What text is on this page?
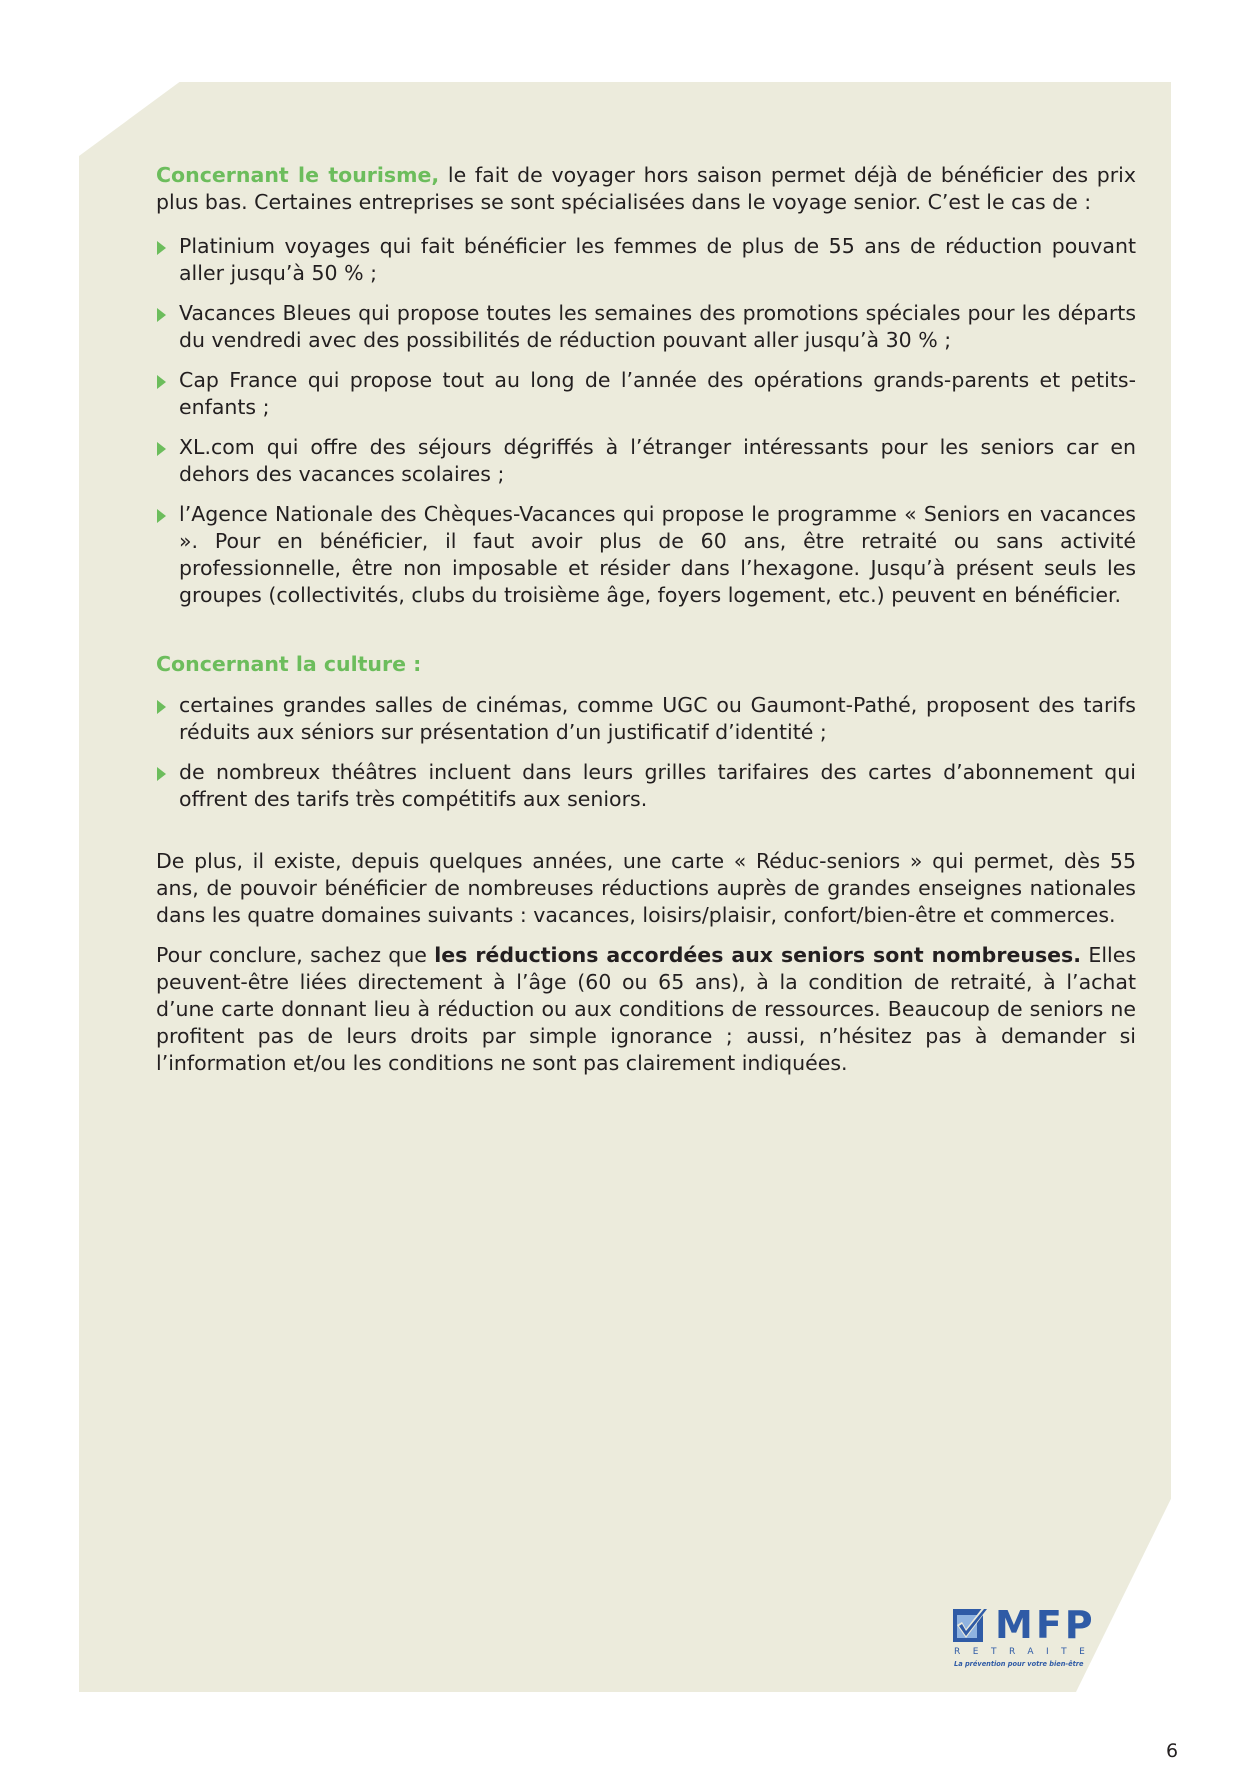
Concernant le tourisme, le fait de voyager hors saison permet déjà de bénéficier des prix plus bas. Certaines entreprises se sont spécialisées dans le voyage senior. C’est le cas de :

Platinium voyages qui fait bénéficier les femmes de plus de 55 ans de réduction pouvant aller jusqu’à 50 % ;
Vacances Bleues qui propose toutes les semaines des promotions spéciales pour les départs du vendredi avec des possibilités de réduction pouvant aller jusqu’à 30 % ;
Cap France qui propose tout au long de l’année des opérations grands-parents et petits-enfants ;
XL.com qui offre des séjours dégriffés à l’étranger intéressants pour les seniors car en dehors des vacances scolaires ;
l’Agence Nationale des Chèques-Vacances qui propose le programme « Seniors en vacances ». Pour en bénéficier, il faut avoir plus de 60 ans, être retraité ou sans activité professionnelle, être non imposable et résider dans l’hexagone. Jusqu’à présent seuls les groupes (collectivités, clubs du troisième âge, foyers logement, etc.) peuvent en bénéficier.

Concernant la culture :

certaines grandes salles de cinémas, comme UGC ou Gaumont-Pathé, proposent des tarifs réduits aux séniors sur présentation d’un justificatif d’identité ;
de nombreux théâtres incluent dans leurs grilles tarifaires des cartes d’abonnement qui offrent des tarifs très compétitifs aux seniors.

De plus, il existe, depuis quelques années, une carte « Réduc-seniors » qui permet, dès 55 ans, de pouvoir bénéficier de nombreuses réductions auprès de grandes enseignes nationales dans les quatre domaines suivants : vacances, loisirs/plaisir, confort/bien-être et commerces.

Pour conclure, sachez que les réductions accordées aux seniors sont nombreuses. Elles peuvent-être liées directement à l’âge (60 ou 65 ans), à la condition de retraité, à l’achat d’une carte donnant lieu à réduction ou aux conditions de ressources. Beaucoup de seniors ne profitent pas de leurs droits par simple ignorance ; aussi, n’hésitez pas à demander si l’information et/ou les conditions ne sont pas clairement indiquées.

MFP
RETRAITE
La prévention pour votre bien-être
6
